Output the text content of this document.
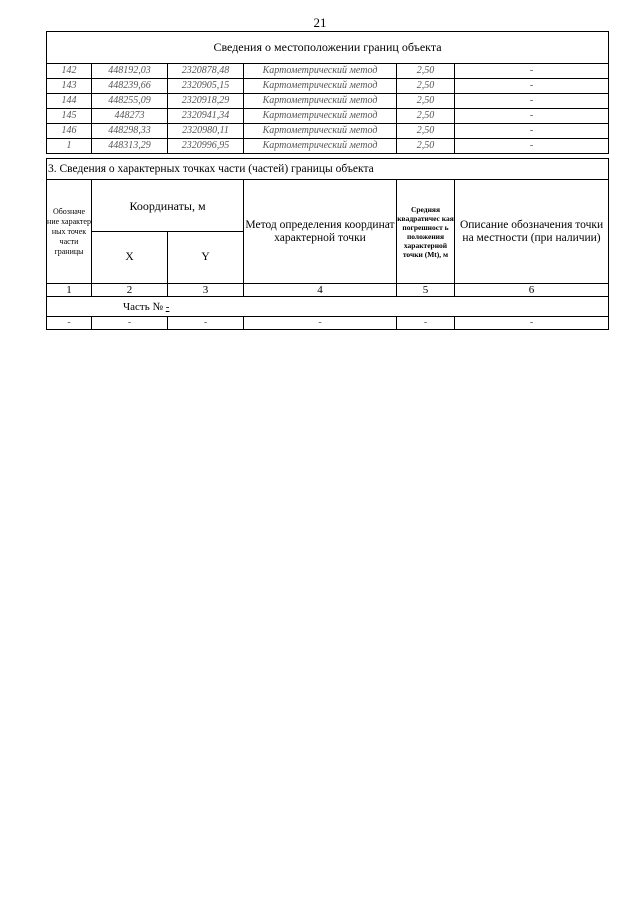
21
Сведения о местоположении границ объекта					
142	448192,03	2320878,48	Картометрический метод	2,50	-
143	448239,66	2320905,15	Картометрический метод	2,50	-
144	448255,09	2320918,29	Картометрический метод	2,50	-
145	448273	2320941,34	Картометрический метод	2,50	-
146	448298,33	2320980,11	Картометрический метод	2,50	-
1	448313,29	2320996,95	Картометрический метод	2,50	-
3. Сведения о характерных точках части (частей) границы объекта					
Обозначе ние характер ных точек части границы	Координаты, м		Метод определения координат характерной точки	Средняя квадратичес кая погрешност ь положения характерной точки (Mt), м	Описание обозначения точки на местности (при наличии)
	X	Y			
1	2	3	4	5	6
Часть № -					
-	-	-	-	-	-
